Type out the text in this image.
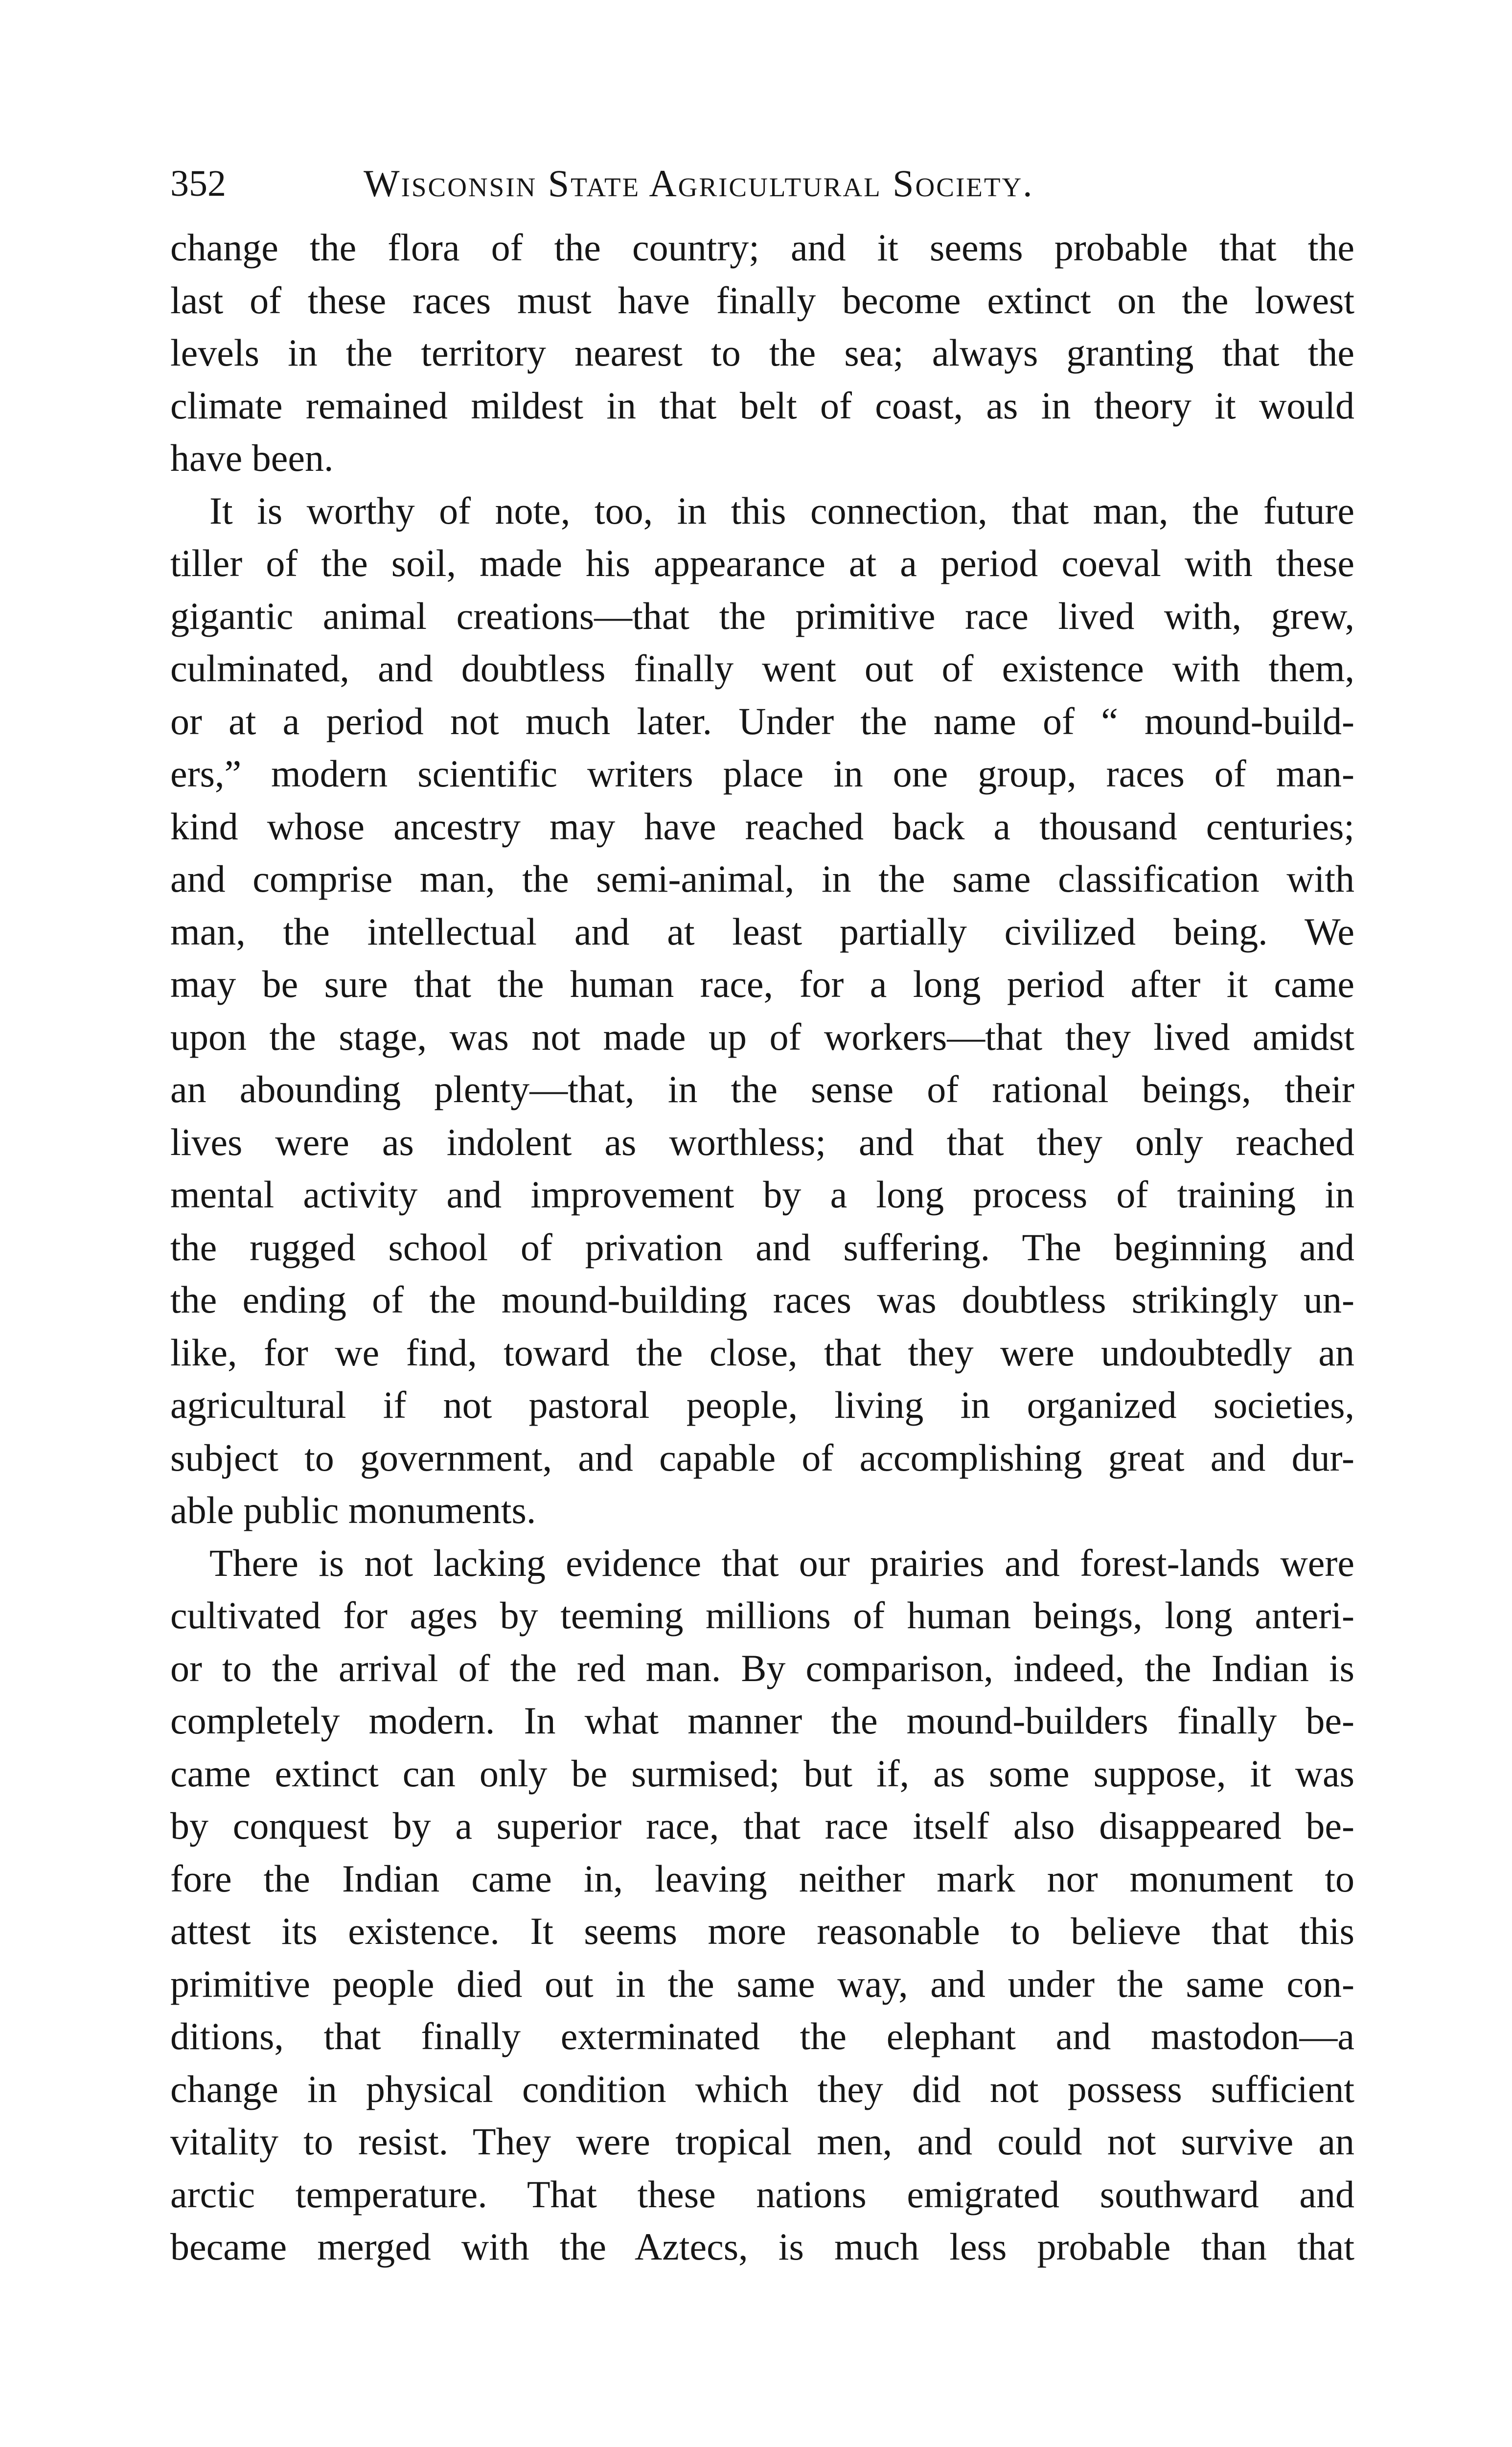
352	Wisconsin State Agricultural Society.
change the flora of the country; and it seems probable that the
last of these races must have finally become extinct on the lowest
levels in the territory nearest to the sea; always granting that the
climate remained mildest in that belt of coast, as in theory it would
have been.
It is worthy of note, too, in this connection, that man, the future
tiller of the soil, made his appearance at a period coeval with these
gigantic animal creations—that the primitive race lived with, grew,
culminated, and doubtless finally went out of existence with them,
or at a period not much later. Under the name of “ mound-build-
ers,” modern scientific writers place in one group, races of man-
kind whose ancestry may have reached back a thousand centuries;
and comprise man, the semi-animal, in the same classification with
man, the intellectual and at least partially civilized being. We
may be sure that the human race, for a long period after it came
upon the stage, was not made up of workers—that they lived amidst
an abounding plenty—that, in the sense of rational beings, their
lives were as indolent as worthless; and that they only reached
mental activity and improvement by a long process of training in
the rugged school of privation and suffering. The beginning and
the ending of the mound-building races was doubtless strikingly un-
like, for we find, toward the close, that they were undoubtedly an
agricultural if not pastoral people, living in organized societies,
subject to government, and capable of accomplishing great and dur-
able public monuments.
There is not lacking evidence that our prairies and forest-lands were
cultivated for ages by teeming millions of human beings, long anteri-
or to the arrival of the red man. By comparison, indeed, the Indian is
completely modern. In what manner the mound-builders finally be-
came extinct can only be surmised; but if, as some suppose, it was
by conquest by a superior race, that race itself also disappeared be-
fore the Indian came in, leaving neither mark nor monument to
attest its existence. It seems more reasonable to believe that this
primitive people died out in the same way, and under the same con-
ditions, that finally exterminated the elephant and mastodon—a
change in physical condition which they did not possess sufficient
vitality to resist. They were tropical men, and could not survive an
arctic temperature. That these nations emigrated southward and
became merged with the Aztecs, is much less probable than that
